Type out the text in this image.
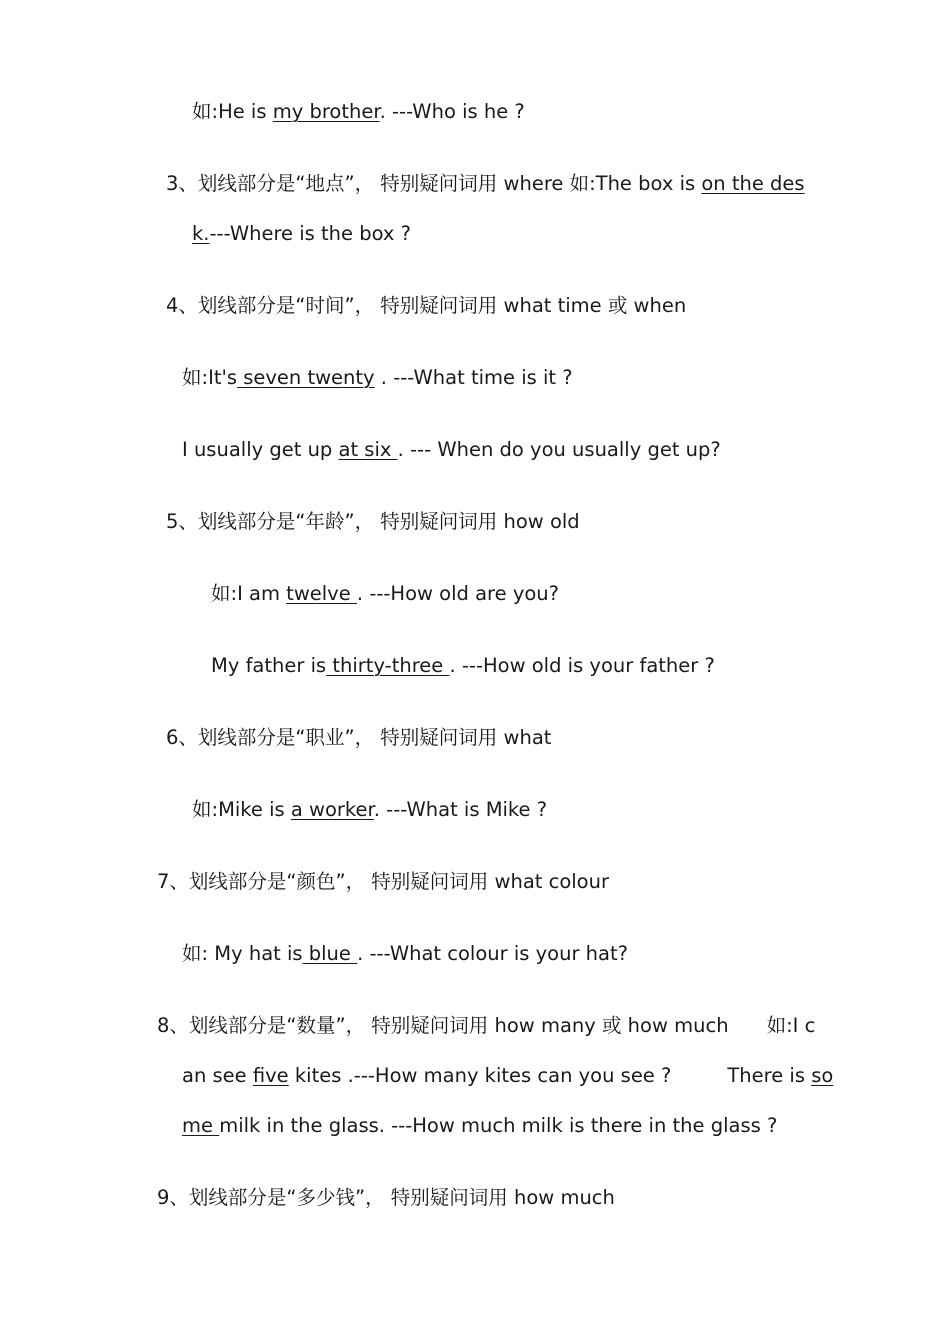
如:He is my brother. ---Who is he ?
3、划线部分是“地点”， 特别疑问词用 where 如:The box is on the des
k.---Where is the box ?
4、划线部分是“时间”， 特别疑问词用 what time 或 when
如:It's seven twenty . ---What time is it ?
I usually get up at six . --- When do you usually get up?
5、划线部分是“年龄”， 特别疑问词用 how old
如:I am twelve . ---How old are you?
My father is thirty-three . ---How old is your father ?
6、划线部分是“职业”， 特别疑问词用 what
如:Mike is a worker. ---What is Mike ?
7、划线部分是“颜色”， 特别疑问词用 what colour
如: My hat is blue . ---What colour is your hat?
8、划线部分是“数量”， 特别疑问词用 how many 或 how much 如:I c
an see five kites .---How many kites can you see ?	There is so
me milk in the glass. ---How much milk is there in the glass ?
9、划线部分是“多少钱”， 特别疑问词用 how much
